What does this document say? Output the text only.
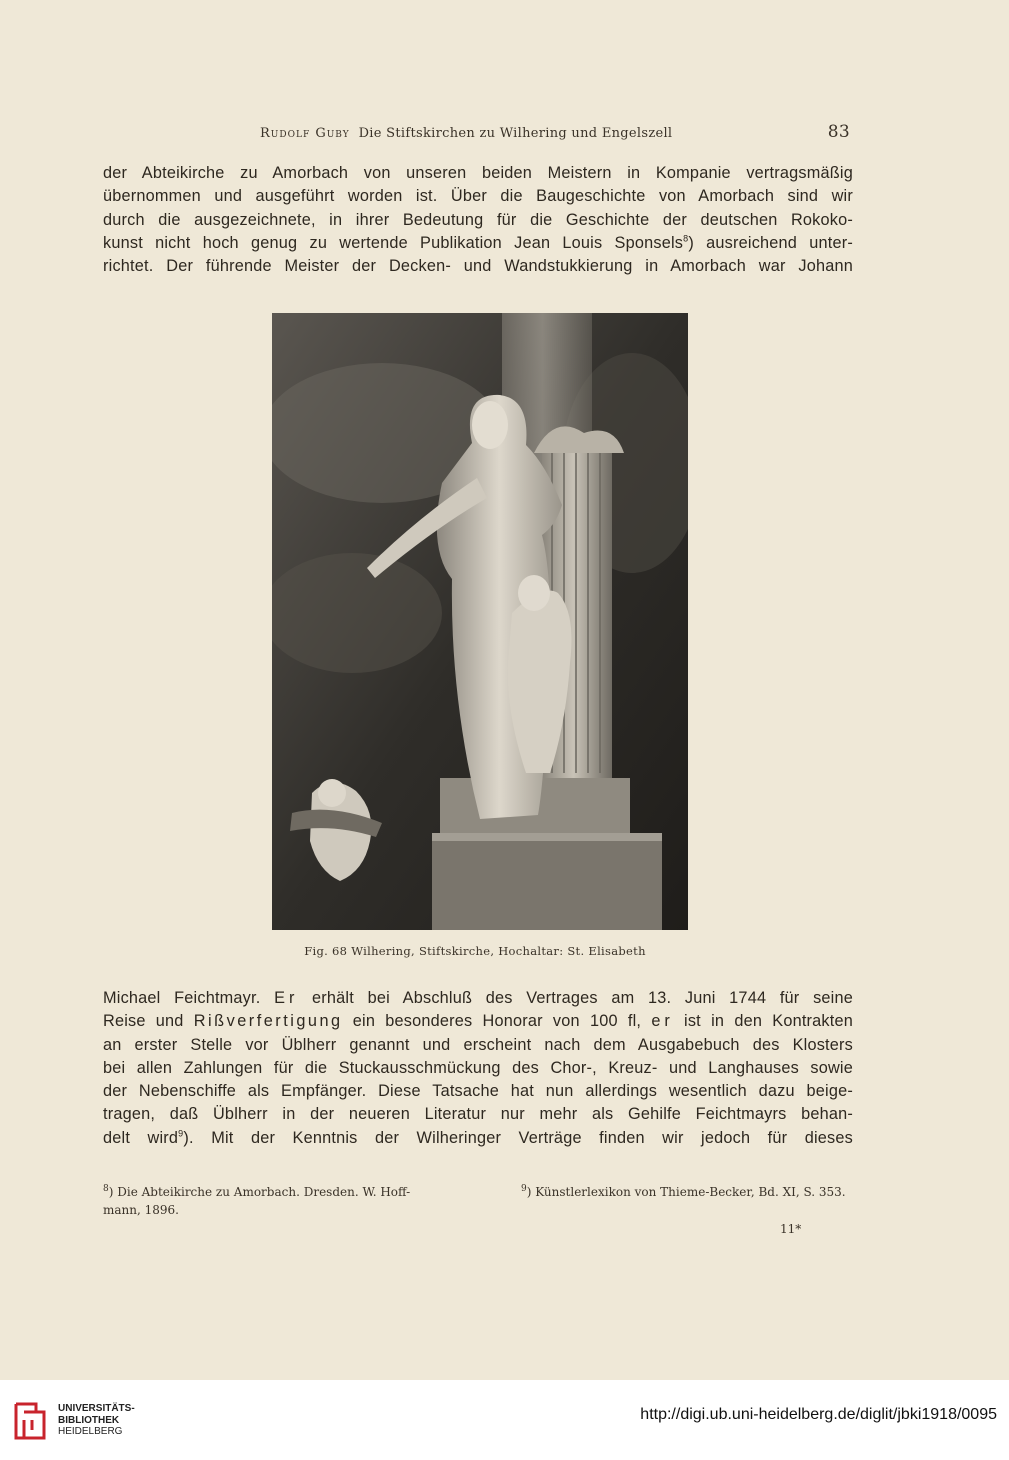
Rudolf Guby Die Stiftskirchen zu Wilhering und Engelszell	83
der Abteikirche zu Amorbach von unseren beiden Meistern in Kompanie vertragsmäßig
übernommen und ausgeführt worden ist. Über die Baugeschichte von Amorbach sind wir
durch die ausgezeichnete, in ihrer Bedeutung für die Geschichte der deutschen Rokoko-
kunst nicht hoch genug zu wertende Publikation Jean Louis Sponsels$^8$) ausreichend unter-
richtet. Der führende Meister der Decken- und Wandstukkierung in Amorbach war Johann
Fig. 68 Wilhering, Stiftskirche, Hochaltar: St. Elisabeth
Michael Feichtmayr. Er erhält bei Abschluß des Vertrages am 13. Juni 1744 für seine
Reise und Rißverfertigung ein besonderes Honorar von 100 fl, er ist in den Kontrakten
an erster Stelle vor Üblherr genannt und erscheint nach dem Ausgabebuch des Klosters
bei allen Zahlungen für die Stuckausschmückung des Chor-, Kreuz- und Langhauses sowie
der Nebenschiffe als Empfänger. Diese Tatsache hat nun allerdings wesentlich dazu beige-
tragen, daß Üblherr in der neueren Literatur nur mehr als Gehilfe Feichtmayrs behan-
delt wird$^9$). Mit der Kenntnis der Wilheringer Verträge finden wir jedoch für dieses
$^8$) Die Abteikirche zu Amorbach. Dresden. W. Hoff-
mann, 1896.
$^9$) Künstlerlexikon von Thieme-Becker, Bd. XI, S. 353.
11*
UNIVERSITÄTS-
BIBLIOTHEK
HEIDELBERG
http://digi.ub.uni-heidelberg.de/diglit/jbki1918/0095
